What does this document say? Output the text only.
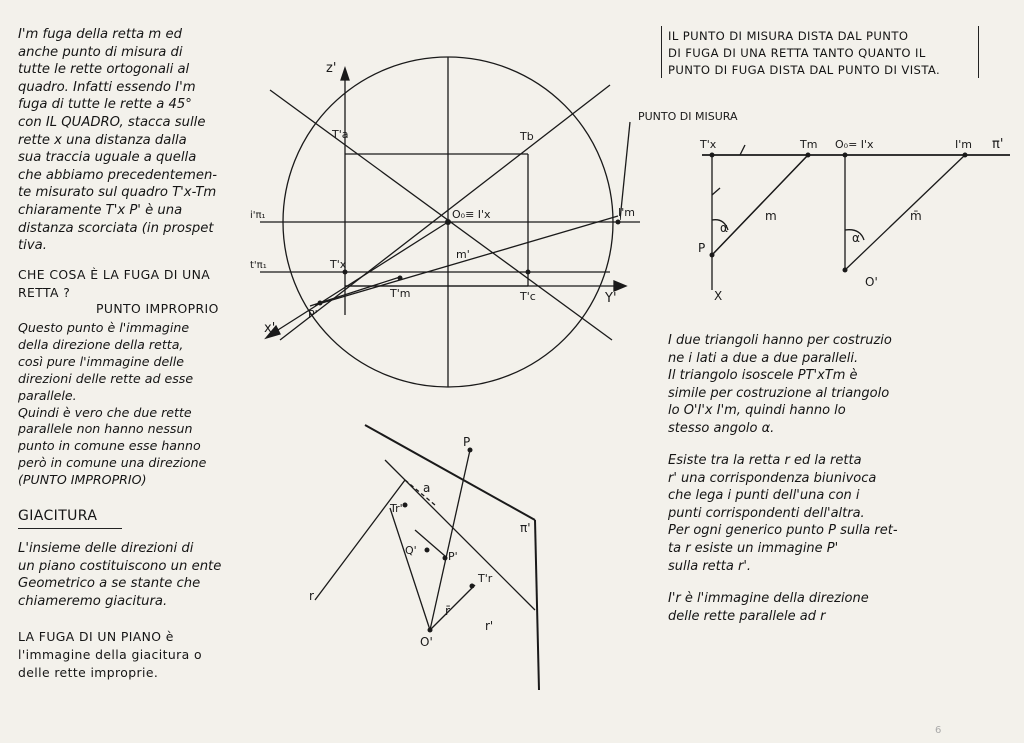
I'm fuga della retta m ed
anche punto di misura di
tutte le rette ortogonali al
quadro. Infatti essendo I'm
fuga di tutte le rette a 45°
con IL QUADRO, stacca sulle
rette x una distanza dalla
sua traccia uguale a quella
che abbiamo precedentemen-
te misurato sul quadro T'x-Tm
chiaramente T'x P' è una
distanza scorciata (in prospet
tiva.
CHE COSA È LA FUGA DI UNA
RETTA ?
PUNTO IMPROPRIO
Questo punto è l'immagine
della direzione della retta,
così pure l'immagine delle
direzioni delle rette ad esse
parallele.
Quindi è vero che due rette
parallele non hanno nessun
punto in comune esse hanno
però in comune una direzione
(PUNTO IMPROPRIO)
GIACITURA
L'insieme delle direzioni di
un piano costituiscono un ente
Geometrico a se stante che
chiameremo giacitura.
LA FUGA DI UN PIANO è
l'immagine della giacitura o
delle rette improprie.
IL PUNTO DI MISURA DISTA DAL PUNTO
DI FUGA DI UNA RETTA TANTO QUANTO IL
PUNTO DI FUGA DISTA DAL PUNTO DI VISTA.
I due triangoli hanno per costruzio
ne i lati a due a due paralleli.
Il triangolo isoscele PT'xTm è
simile per costruzione al triangolo
lo O'I'x I'm, quindi hanno lo
stesso angolo α.
Esiste tra la retta r ed la retta
r' una corrispondenza biunivoca
che lega i punti dell'una con i
punti corrispondenti dell'altra.
Per ogni generico punto P sulla ret-
ta r esiste un immagine P'
sulla retta r'.
I'r è l'immagine della direzione
delle rette parallele ad r
6
z'
x'
Y'
T'a	Tb
T'x
T'm	T'c
I'm
O₀≡ I'x
m'
P'
i'π₁
t'π₁
a
Tr'
Q'
P
P'
T'r
r
r̄
r'
O'
π'
PUNTO DI MISURA
T'x	Tm O₀= I'x	I'm π'
P
X
m	m̄
α
α
O'
